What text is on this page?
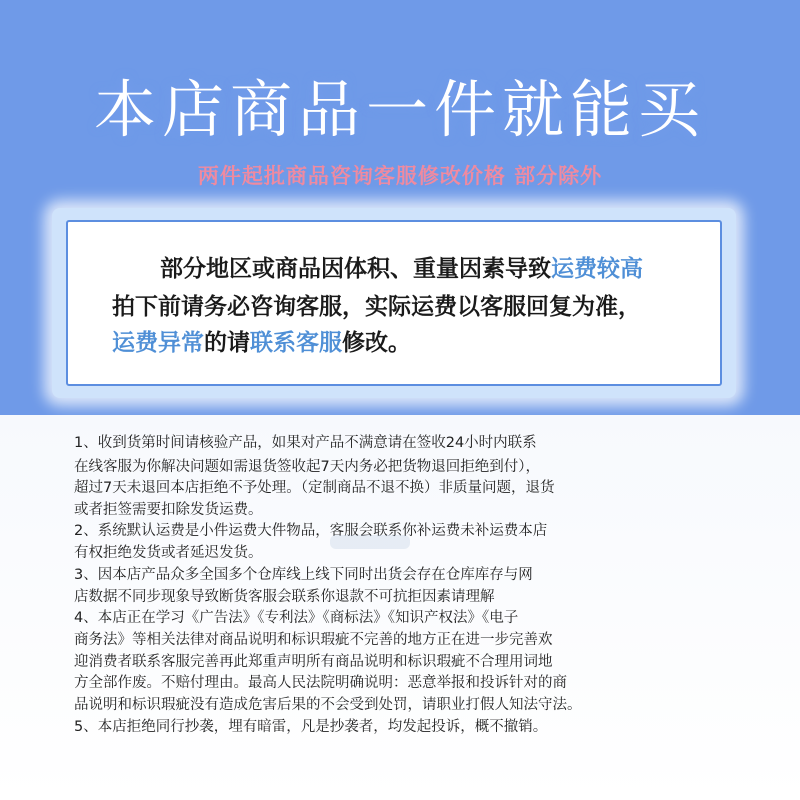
本店商品一件就能买
两件起批商品咨询客服修改价格 部分除外

部分地区或商品因体积、重量因素导致运费较高

拍下前请务必咨询客服，实际运费以客服回复为准，

运费异常的请联系客服修改。

1、收到货第时间请核验产品，如果对产品不满意请在签收24小时内联系

在线客服为你解决问题如需退货签收起7天内务必把货物退回拒绝到付），

超过7天未退回本店拒绝不予处理。（定制商品不退不换）非质量问题，退货

或者拒签需要扣除发货运费。

2、系统默认运费是小件运费大件物品，客服会联系你补运费未补运费本店

有权拒绝发货或者延迟发货。

3、因本店产品众多全国多个仓库线上线下同时出货会存在仓库库存与网

店数据不同步现象导致断货客服会联系你退款不可抗拒因素请理解

4、本店正在学习《广告法》《专利法》《商标法》《知识产权法》《电子

商务法》等相关法律对商品说明和标识瑕疵不完善的地方正在进一步完善欢

迎消费者联系客服完善再此郑重声明所有商品说明和标识瑕疵不合理用词地

方全部作废。不赔付理由。最高人民法院明确说明：恶意举报和投诉针对的商

品说明和标识瑕疵没有造成危害后果的不会受到处罚，请职业打假人知法守法。

5、本店拒绝同行抄袭，埋有暗雷，凡是抄袭者，均发起投诉，概不撤销。
